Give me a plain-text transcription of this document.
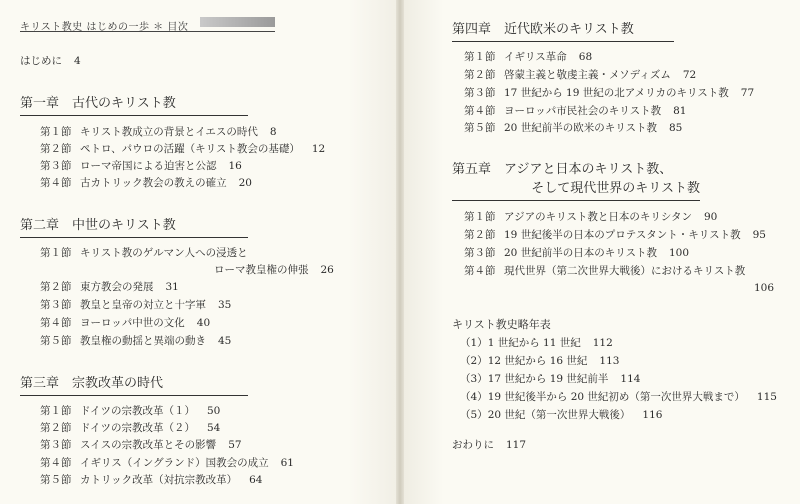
キリスト教史 はじめの一歩 ＊ 目次
はじめに 4
第一章　古代のキリスト教
第１節 キリスト教成立の背景とイエスの時代 8
第２節 ペトロ、パウロの活躍（キリスト教会の基礎） 12
第３節 ローマ帝国による迫害と公認 16
第４節 古カトリック教会の教えの確立 20
第二章　中世のキリスト教
第１節 キリスト教のゲルマン人への浸透と
ローマ教皇権の伸張 26
第２節 東方教会の発展 31
第３節 教皇と皇帝の対立と十字軍 35
第４節 ヨーロッパ中世の文化 40
第５節 教皇権の動揺と異端の動き 45
第三章　宗教改革の時代
第１節 ドイツの宗教改革（１） 50
第２節 ドイツの宗教改革（２） 54
第３節 スイスの宗教改革とその影響 57
第４節 イギリス（イングランド）国教会の成立 61
第５節 カトリック改革（対抗宗教改革） 64
第四章　近代欧米のキリスト教
第１節 イギリス革命 68
第２節 啓蒙主義と敬虔主義・メソディズム 72
第３節 17 世紀から 19 世紀の北アメリカのキリスト教 77
第４節 ヨーロッパ市民社会のキリスト教 81
第５節 20 世紀前半の欧米のキリスト教 85
第五章　アジアと日本のキリスト教、
そして現代世界のキリスト教
第１節 アジアのキリスト教と日本のキリシタン 90
第２節 19 世紀後半の日本のプロテスタント・キリスト教 95
第３節 20 世紀前半の日本のキリスト教 100
第４節 現代世界（第二次世界大戦後）におけるキリスト教
106
キリスト教史略年表
（1）1 世紀から 11 世紀 112
（2）12 世紀から 16 世紀 113
（3）17 世紀から 19 世紀前半 114
（4）19 世紀後半から 20 世紀初め（第一次世界大戦まで） 115
（5）20 世紀（第一次世界大戦後） 116
おわりに 117
